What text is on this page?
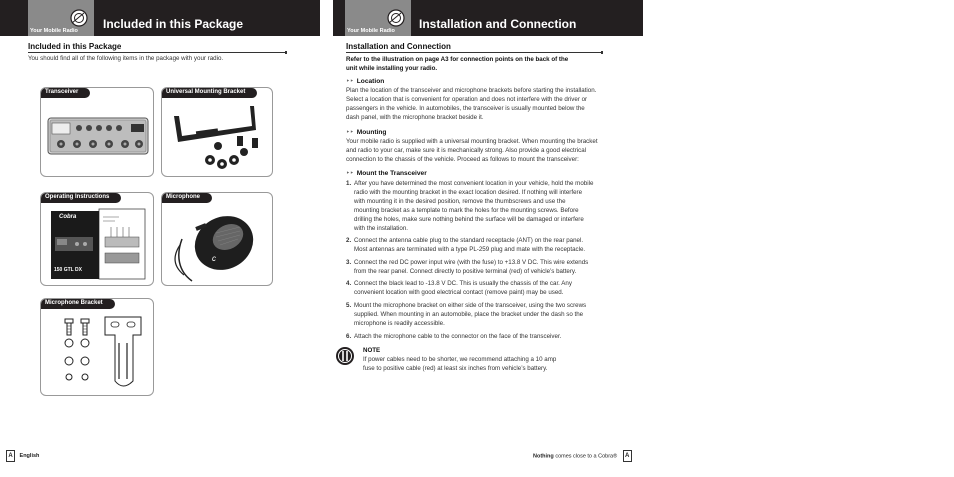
Your Mobile Radio Included in this Package
Included in this Package
You should find all of the following items in the package with your radio.
Transceiver	Universal Mounting Bracket
Operating Instructions
Cobra
150 GTL DX
Microphone
c
Microphone Bracket
A English
Your Mobile Radio Installation and Connection
Installation and Connection
Refer to the illustration on page A3 for connection points on the back of the
unit while installing your radio.
‣‣ Location
Plan the location of the transceiver and microphone brackets before starting the installation.
Select a location that is convenient for operation and does not interfere with the driver or
passengers in the vehicle. In automobiles, the transceiver is usually mounted below the
dash panel, with the microphone bracket beside it.
‣‣ Mounting
Your mobile radio is supplied with a universal mounting bracket. When mounting the bracket
and radio to your car, make sure it is mechanically strong. Also provide a good electrical
connection to the chassis of the vehicle. Proceed as follows to mount the transceiver:
‣‣ Mount the Transceiver
1. After you have determined the most convenient location in your vehicle, hold the mobile
radio with the mounting bracket in the exact location desired. If nothing will interfere
with mounting it in the desired position, remove the thumbscrews and use the
mounting bracket as a template to mark the holes for the mounting screws. Before
drilling the holes, make sure nothing behind the surface will be damaged or interfere
with the installation.
2. Connect the antenna cable plug to the standard receptacle (ANT) on the rear panel.
Most antennas are terminated with a type PL-259 plug and mate with the receptacle.
3. Connect the red DC power input wire (with the fuse) to +13.8 V DC. This wire extends
from the rear panel. Connect directly to positive terminal (red) of vehicle’s battery.
4. Connect the black lead to -13.8 V DC. This is usually the chassis of the car. Any
convenient location with good electrical contact (remove paint) may be used.
5. Mount the microphone bracket on either side of the transceiver, using the two screws
supplied. When mounting in an automobile, place the bracket under the dash so the
microphone is readily accessible.
6. Attach the microphone cable to the connector on the face of the transceiver.
NOTE
If power cables need to be shorter, we recommend attaching a 10 amp
fuse to positive cable (red) at least six inches from vehicle’s battery.
Nothing comes close to a Cobra® A
